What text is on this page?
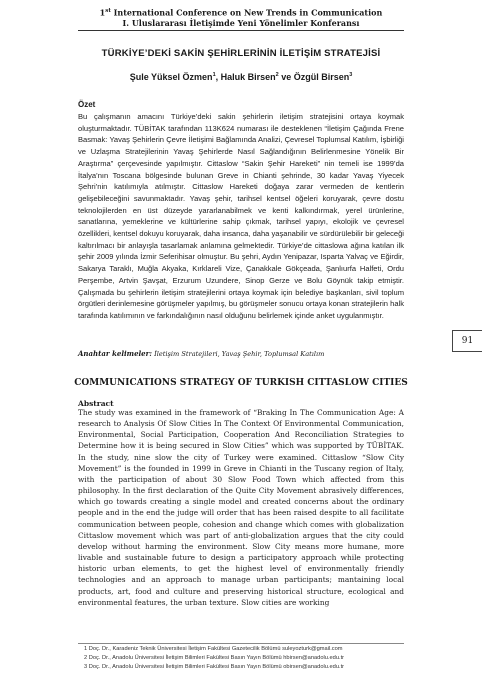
1st International Conference on New Trends in Communication
I. Uluslararası İletişimde Yeni Yönelimler Konferansı
TÜRKİYE’DEKİ SAKİN ŞEHİRLERİNİN İLETİŞİM STRATEJİSİ
Şule Yüksel Özmen$^1$, Haluk Birsen$^2$ ve Özgül Birsen$^3$
Özet

Bu çalışmanın amacını Türkiye’deki sakin şehirlerin iletişim stratejisini ortaya koymak oluşturmaktadır. TÜBİTAK tarafından 113K624 numarası ile desteklenen “İletişim Çağında Frene Basmak: Yavaş Şehirlerin Çevre İletişimi Bağlamında Analizi, Çevresel Toplumsal Katılım, İşbirliği ve Uzlaşma Stratejilerinin Yavaş Şehirlerde Nasıl Sağlandığının Belirlenmesine Yönelik Bir Araştırma” çerçevesinde yapılmıştır. Cittaslow “Sakin Şehir Hareketi” nin temeli ise 1999’da İtalya’nın Toscana bölgesinde bulunan Greve in Chianti şehrinde, 30 kadar Yavaş Yiyecek Şehri’nin katılımıyla atılmıştır. Cittaslow Hareketi doğaya zarar vermeden de kentlerin gelişebileceğini savunmaktadır. Yavaş şehir, tarihsel kentsel öğeleri koruyarak, çevre dostu teknolojilerden en üst düzeyde yararlanabilmek ve kenti kalkındırmak, yerel ürünlerine, sanatlarına, yemeklerine ve kültürlerine sahip çıkmak, tarihsel yapıyı, ekolojik ve çevresel özellikleri, kentsel dokuyu koruyarak, daha insanca, daha yaşanabilir ve sürdürülebilir bir geleceği kaltırılmacı bir anlayışla tasarlamak anlamına gelmektedir. Türkiye’de cittaslowa ağına katılan ilk şehir 2009 yılında İzmir Seferihisar olmuştur. Bu şehri, Aydın Yenipazar, Isparta Yalvaç ve Eğirdir, Sakarya Taraklı, Muğla Akyaka, Kırklareli Vize, Çanakkale Gökçeada, Şanlıurfa Halfeti, Ordu Perşembe, Artvin Şavşat, Erzurum Uzundere, Sinop Gerze ve Bolu Göynük takip etmiştir. Çalışmada bu şehirlerin iletişim stratejilerini ortaya koymak için belediye başkanları, sivil toplum örgütleri derinlemesine görüşmeler yapılmış, bu görüşmeler sonucu ortaya konan stratejilerin halk tarafında katılımının ve farkındalığının nasıl olduğunu belirlemek içinde anket uygulanmıştır.

Anahtar kelimeler: İletişim Stratejileri, Yavaş Şehir, Toplumsal Katılım
91
COMMUNICATIONS STRATEGY OF TURKISH CITTASLOW CITIES
Abstract

The study was examined in the framework of “Braking In The Communication Age: A research to Analysis Of Slow Cities In The Context Of Environmental Communication, Environmental, Social Participation, Cooperation And Reconciliation Strategies to Determine how it is being secured in Slow Cities” which was supported by TÜBİTAK. In the study, nine slow the city of Turkey were examined. Cittaslow “Slow City Movement” is the founded in 1999 in Greve in Chianti in the Tuscany region of Italy, with the participation of about 30 Slow Food Town which affected from this philosophy. In the first declaration of the Quite City Movement abrasively differences, which go towards creating a single model and created concerns about the ordinary people and in the end the judge will order that has been raised despite to all facilitate communication between people, cohesion and change which comes with globalization Cittaslow movement which was part of anti-globalization argues that the city could develop without harming the environment. Slow City means more humane, more livable and sustainable future to design a participatory approach while protecting historic urban elements, to get the highest level of environmentally friendly technologies and an approach to manage urban participants; mantaining local products, art, food and culture and preserving historical structure, ecological and environmental features, the urban texture. Slow cities are working

1 Doç. Dr., Karadeniz Teknik Üniversitesi İletişim Fakültesi Gazetecilik Bölümü suleyozturk@gmail.com
2 Doç. Dr., Anadolu Üniversitesi İletişim Bilimleri Fakültesi Basın Yayın Bölümü hbirsen@anadolu.edu.tr
3 Doç. Dr., Anadolu Üniversitesi İletişim Bilimleri Fakültesi Basın Yayın Bölümü obirsen@anadolu.edu.tr
